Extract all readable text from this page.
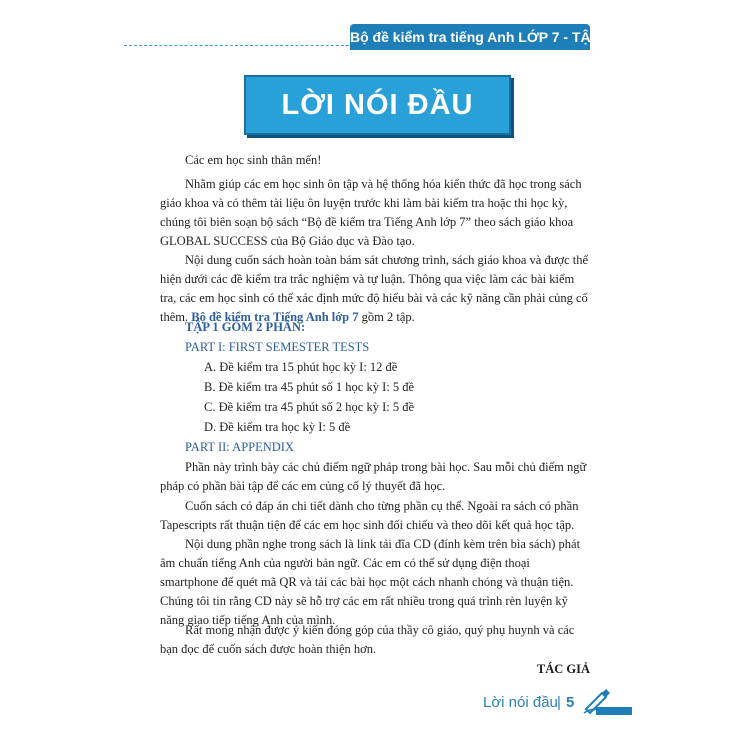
Bộ đề kiểm tra tiếng Anh LỚP 7 - TẬP 1
LỜI NÓI ĐẦU

Các em học sinh thân mến!

Nhằm giúp các em học sinh ôn tập và hệ thống hóa kiến thức đã học trong sách giáo khoa và có thêm tài liệu ôn luyện trước khi làm bài kiểm tra hoặc thi học kỳ, chúng tôi biên soạn bộ sách “Bộ đề kiểm tra Tiếng Anh lớp 7” theo sách giáo khoa GLOBAL SUCCESS của Bộ Giáo dục và Đào tạo.

Nội dung cuốn sách hoàn toàn bám sát chương trình, sách giáo khoa và được thể hiện dưới các đề kiểm tra trắc nghiệm và tự luận. Thông qua việc làm các bài kiểm tra, các em học sinh có thể xác định mức độ hiểu bài và các kỹ năng cần phải củng cố thêm. Bộ đề kiểm tra Tiếng Anh lớp 7 gồm 2 tập.

TẬP 1 GỒM 2 PHẦN:

PART I: FIRST SEMESTER TESTS

A. Đề kiểm tra 15 phút học kỳ I: 12 đề

B. Đề kiểm tra 45 phút số 1 học kỳ I: 5 đề

C. Đề kiểm tra 45 phút số 2 học kỳ I: 5 đề

D. Đề kiểm tra học kỳ I: 5 đề

PART II: APPENDIX

Phần này trình bày các chủ điểm ngữ pháp trong bài học. Sau mỗi chủ điểm ngữ pháp có phần bài tập để các em củng cố lý thuyết đã học.

Cuốn sách có đáp án chi tiết dành cho từng phần cụ thể. Ngoài ra sách có phần Tapescripts rất thuận tiện để các em học sinh đối chiếu và theo dõi kết quả học tập.

Nội dung phần nghe trong sách là link tải đĩa CD (đính kèm trên bìa sách) phát âm chuẩn tiếng Anh của người bản ngữ. Các em có thể sử dụng điện thoại smartphone để quét mã QR và tải các bài học một cách nhanh chóng và thuận tiện. Chúng tôi tin rằng CD này sẽ hỗ trợ các em rất nhiều trong quá trình rèn luyện kỹ năng giao tiếp tiếng Anh của mình.

Rất mong nhận được ý kiến đóng góp của thầy cô giáo, quý phụ huynh và các bạn đọc để cuốn sách được hoàn thiện hơn.

TÁC GIẢ

Lời nói đầu | 5
